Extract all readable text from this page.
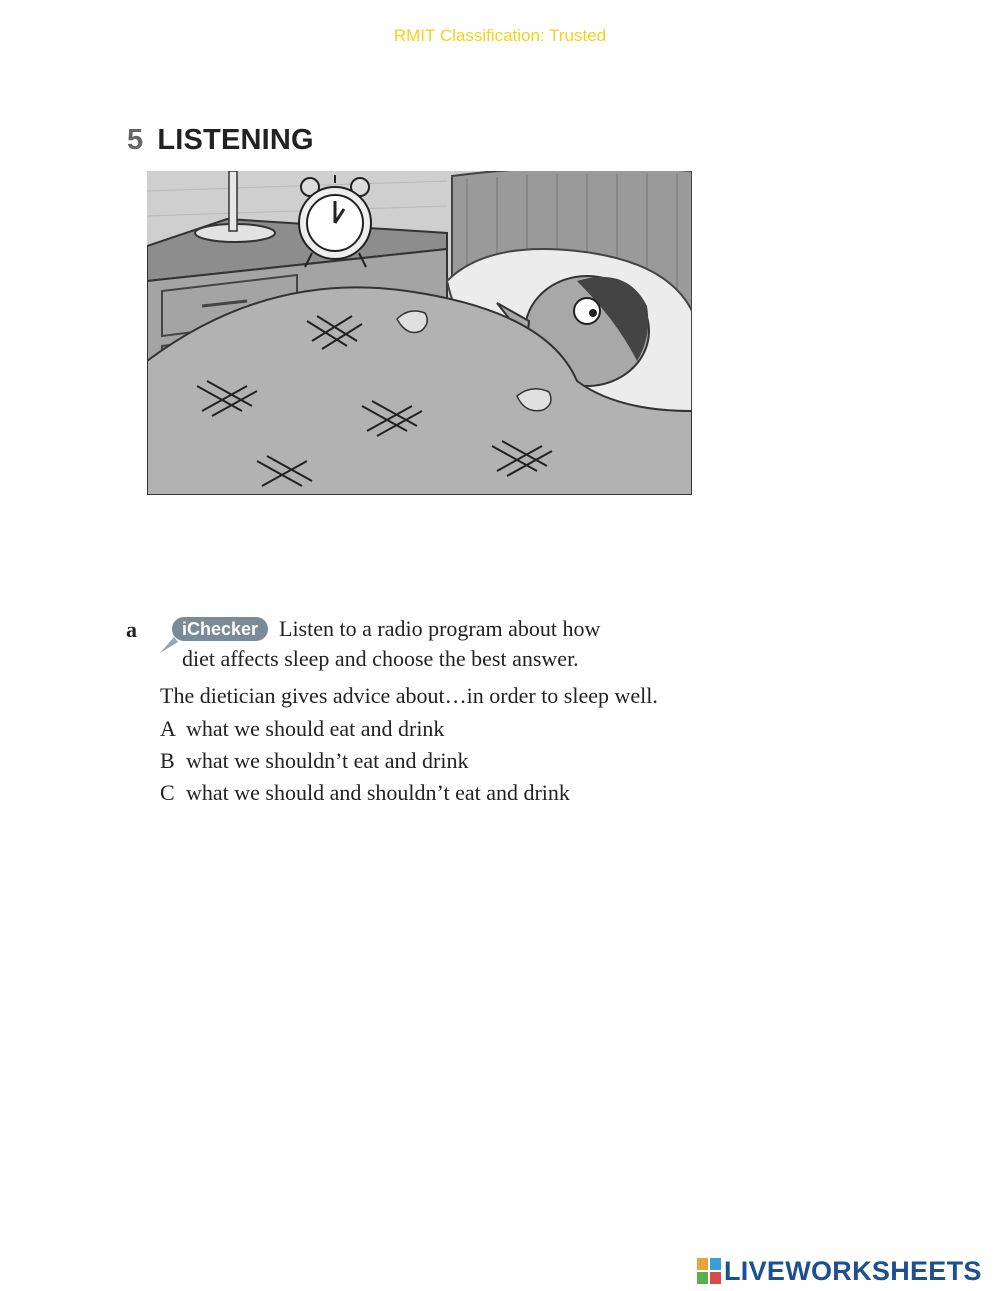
RMIT Classification: Trusted
5 LISTENING
a iChecker Listen to a radio program about how
diet affects sleep and choose the best answer.
The dietician gives advice about…in order to sleep well.
A what we should eat and drink
B what we shouldn’t eat and drink
C what we should and shouldn’t eat and drink
LIVEWORKSHEETS
